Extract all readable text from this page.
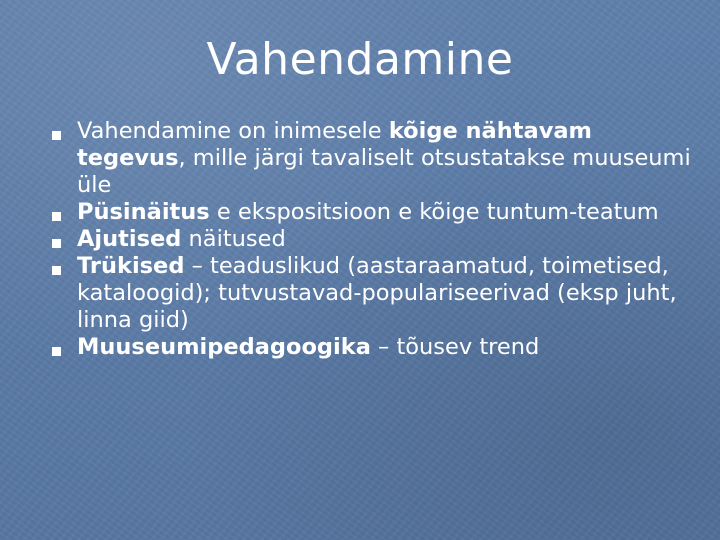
Vahendamine
Vahendamine on inimesele kõige nähtavam tegevus, mille järgi tavaliselt otsustatakse muuseumi üle
Püsinäitus e ekspositsioon e kõige tuntum-teatum
Ajutised näitused
Trükised – teaduslikud (aastaraamatud, toimetised, kataloogid); tutvustavad-populariseerivad (eksp juht, linna giid)
Muuseumipedagoogika – tõusev trend
